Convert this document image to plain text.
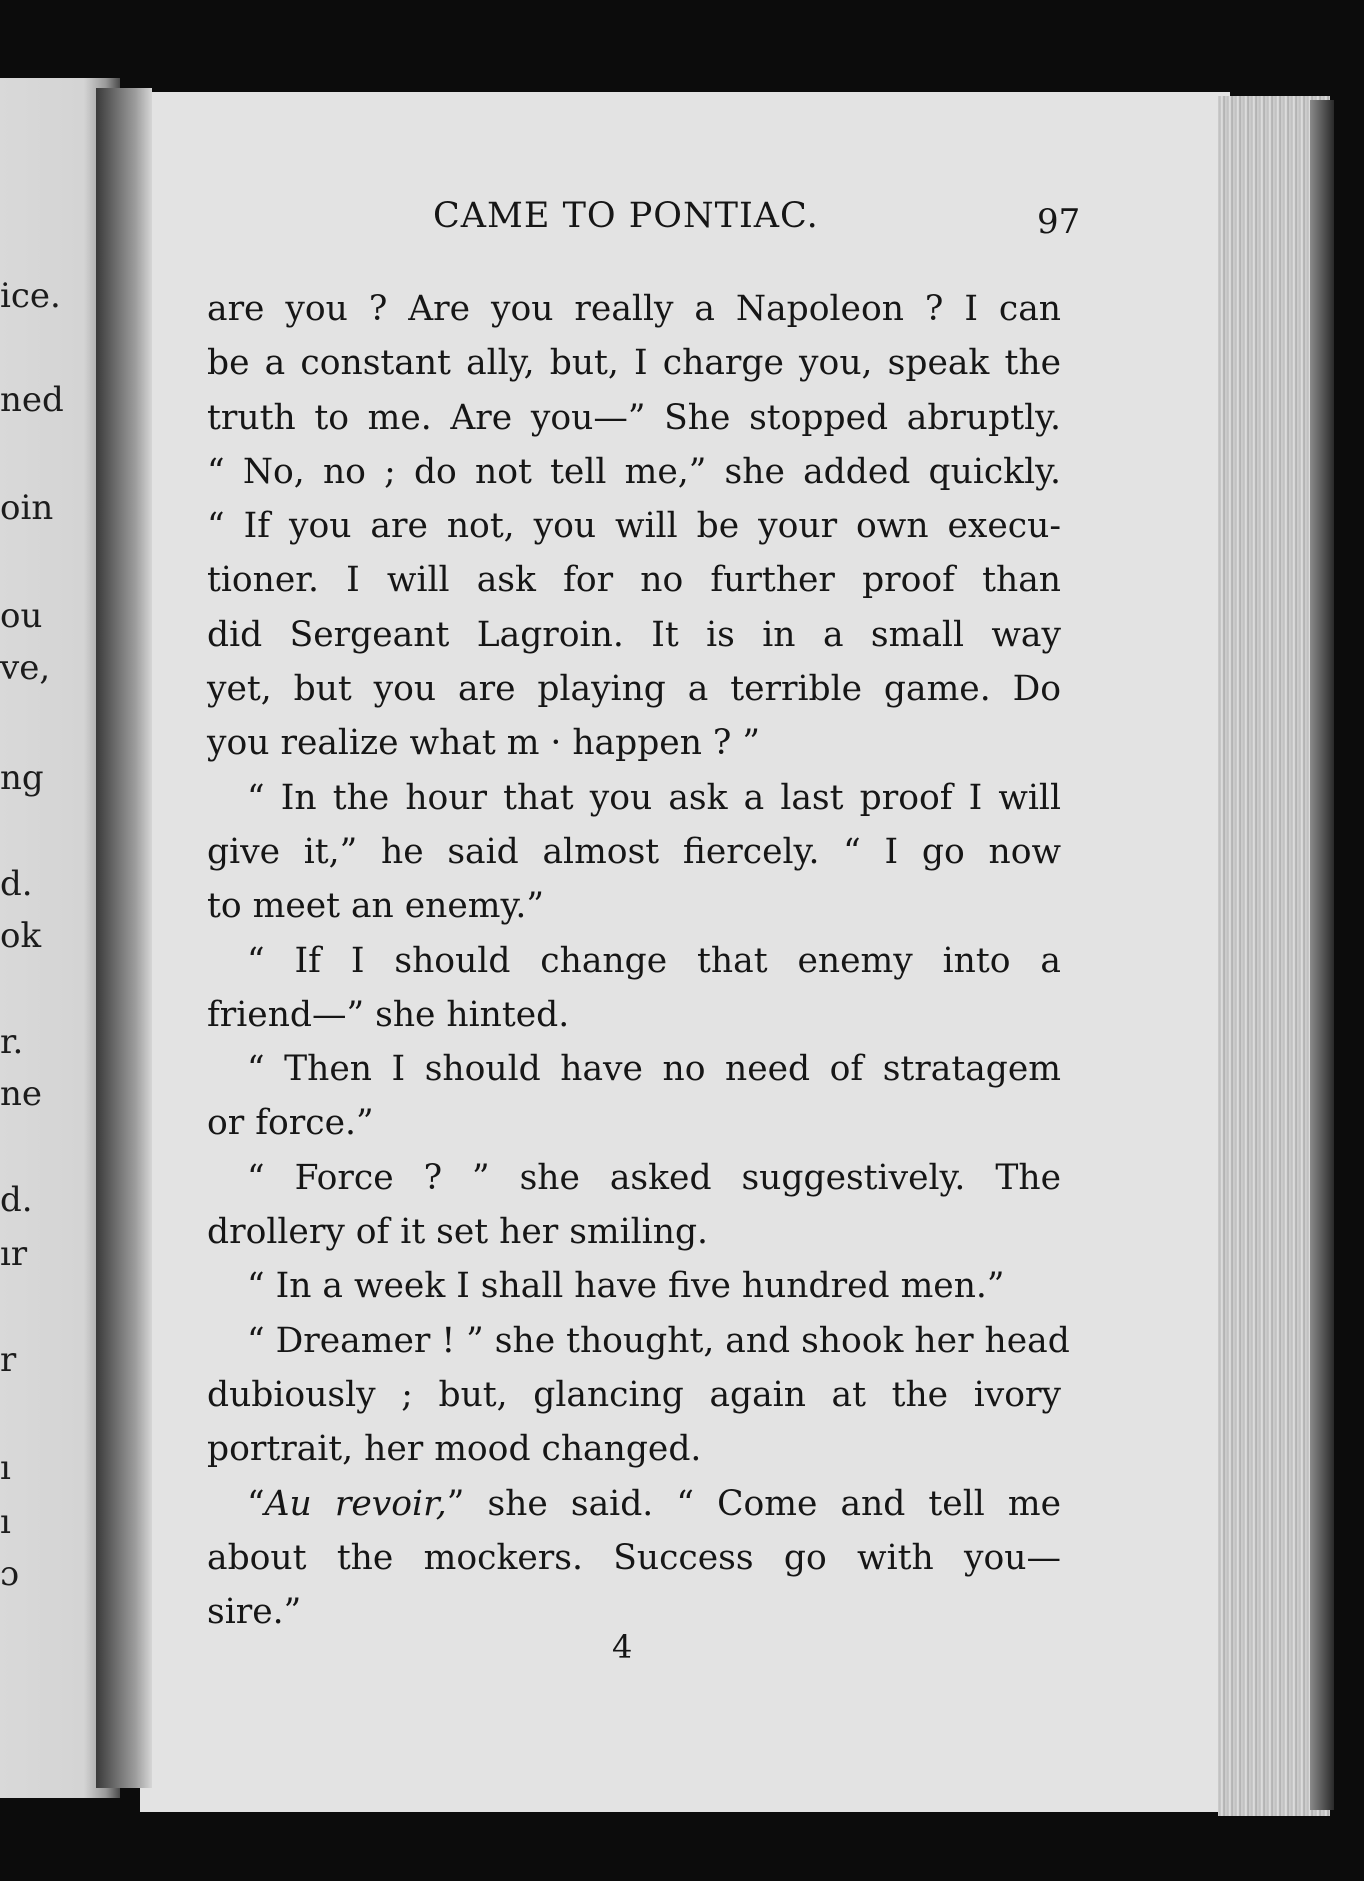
ice.
ned
oin
ou
ve,
ng
d.
ok
r.
ne
d.
ır
r
ı
ı
ɔ
CAME TO PONTIAC.	97
are you ? Are you really a Napoleon ? I can
be a constant ally, but, I charge you, speak the
truth to me. Are you—” She stopped abruptly.
“ No, no ; do not tell me,” she added quickly.
“ If you are not, you will be your own execu-
tioner. I will ask for no further proof than
did Sergeant Lagroin. It is in a small way
yet, but you are playing a terrible game. Do
you realize what m · happen ? ”
“ In the hour that you ask a last proof I will
give it,” he said almost fiercely. “ I go now
to meet an enemy.”
“ If I should change that enemy into a
friend—” she hinted.
“ Then I should have no need of stratagem
or force.”
“ Force ? ” she asked suggestively. The
drollery of it set her smiling.
“ In a week I shall have five hundred men.”
“ Dreamer ! ” she thought, and shook her head
dubiously ; but, glancing again at the ivory
portrait, her mood changed.
“Au revoir,” she said. “ Come and tell me
about the mockers. Success go with you—
sire.”
4
